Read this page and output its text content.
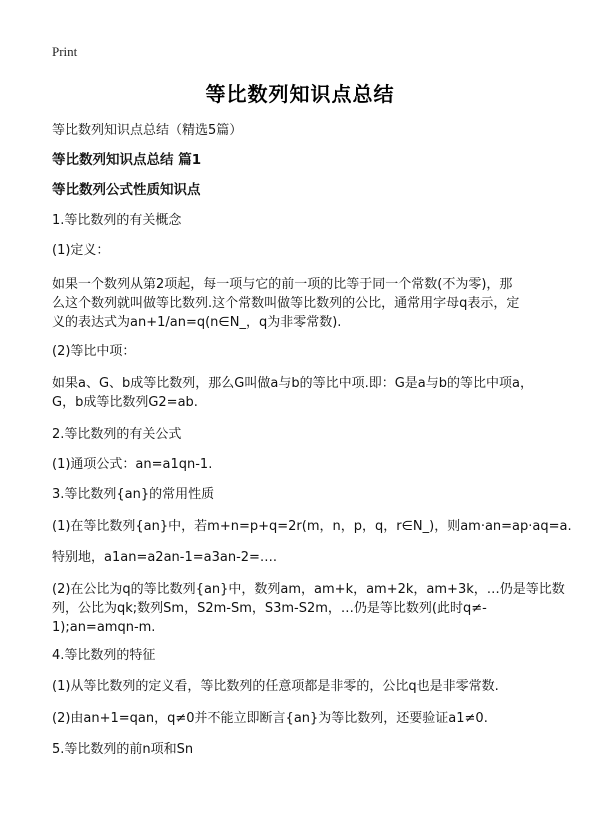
Print
等比数列知识点总结
等比数列知识点总结（精选5篇）
等比数列知识点总结 篇1
等比数列公式性质知识点
1.等比数列的有关概念
(1)定义：
如果一个数列从第2项起，每一项与它的前一项的比等于同一个常数(不为零)，那
么这个数列就叫做等比数列.这个常数叫做等比数列的公比，通常用字母q表示，定
义的表达式为an+1/an=q(n∈N_，q为非零常数).
(2)等比中项：
如果a、G、b成等比数列，那么G叫做a与b的等比中项.即：G是a与b的等比中项a，
G，b成等比数列G2=ab.
2.等比数列的有关公式
(1)通项公式：an=a1qn-1.
3.等比数列{an}的常用性质
(1)在等比数列{an}中，若m+n=p+q=2r(m，n，p，q，r∈N_)，则am·an=ap·aq=a.
特别地，a1an=a2an-1=a3an-2=….
(2)在公比为q的等比数列{an}中，数列am，am+k，am+2k，am+3k，…仍是等比数
列，公比为qk;数列Sm，S2m-Sm，S3m-S2m，…仍是等比数列(此时q≠-
1);an=amqn-m.
4.等比数列的特征
(1)从等比数列的定义看，等比数列的任意项都是非零的，公比q也是非零常数.
(2)由an+1=qan，q≠0并不能立即断言{an}为等比数列，还要验证a1≠0.
5.等比数列的前n项和Sn
